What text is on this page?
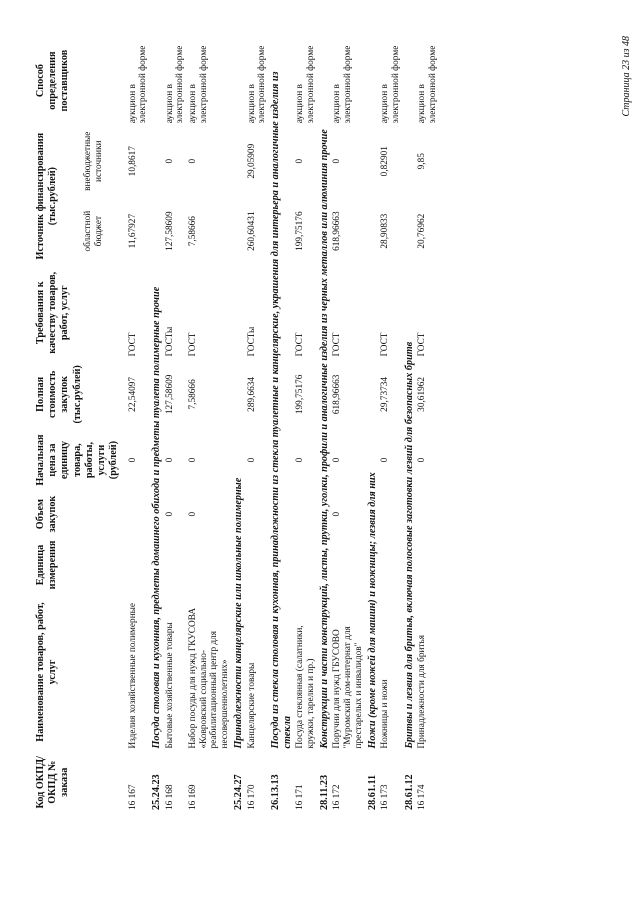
Код ОКПД/ ОКПД № заказа	Наименование товаров, работ, услуг	Единица измерения	Объем закупок	Начальная цена за единицу товара, работы, услуги (рублей)	Полная стоимость закупок (тыс.рублей)	Требования к качеству товаров, работ, услуг	Источник финансирования (тыс.рублей)		Способ определения поставщиков
							областной бюджет	внебюджетные источники	
16 167	Изделия хозяйственные полимерные			0	22,54097	ГОСТ	11,67927	10,8617	аукцион в электронной форме
25.24.23	Посуда столовая и кухонная, предметы домашнего обихода и предметы туалета полимерные прочие								
16 168	Бытовые хозяйственные товары		0	0	127,58609	ГОСТы	127,58609	0	аукцион в электронной форме
16 169	Набор посуды для нужд ГКУСОВА «Ковровский социально-реабилитационный центр для несовершеннолетних»		0	0	7,58666	ГОСТ	7,58666	0	аукцион в электронной форме
25.24.27	Принадлежности канцелярские или школьные полимерные								
16 170	Канцелярские товары			0	289,6634	ГОСТы	260,60431	29,05909	аукцион в электронной форме
26.13.13	Посуда из стекла столовая и кухонная, принадлежности из стекла туалетные и канцелярские, украшения для интерьера и аналогичные изделия из стекла								
16 171	Посуда стеклянная (салатники, кружки, тарелки и пр.)			0	199,75176	ГОСТ	199,75176	0	аукцион в электронной форме
28.11.23	Конструкции и части конструкций, листы, прутки, уголки, профили и аналогичные изделия из черных металлов или алюминия прочие								
16 172	Поручни для нужд ГБУСОВО "Муромский дом-интернат для престарелых и инвалидов"		0	0	618,96663	ГОСТ	618,96663	0	аукцион в электронной форме
28.61.11	Ножи (кроме ножей для машин) и ножницы; лезвия для них								
16 173	Ножницы и ножи			0	29,73734	ГОСТ	28,90833	0,82901	аукцион в электронной форме
28.61.12	Бритвы и лезвия для бритья, включая полосовые заготовки лезвий для безопасных бритв								
16 174	Принадлежности для бритья			0	30,61962	ГОСТ	20,76962	9,85	аукцион в электронной форме	Страница 23 из 48
